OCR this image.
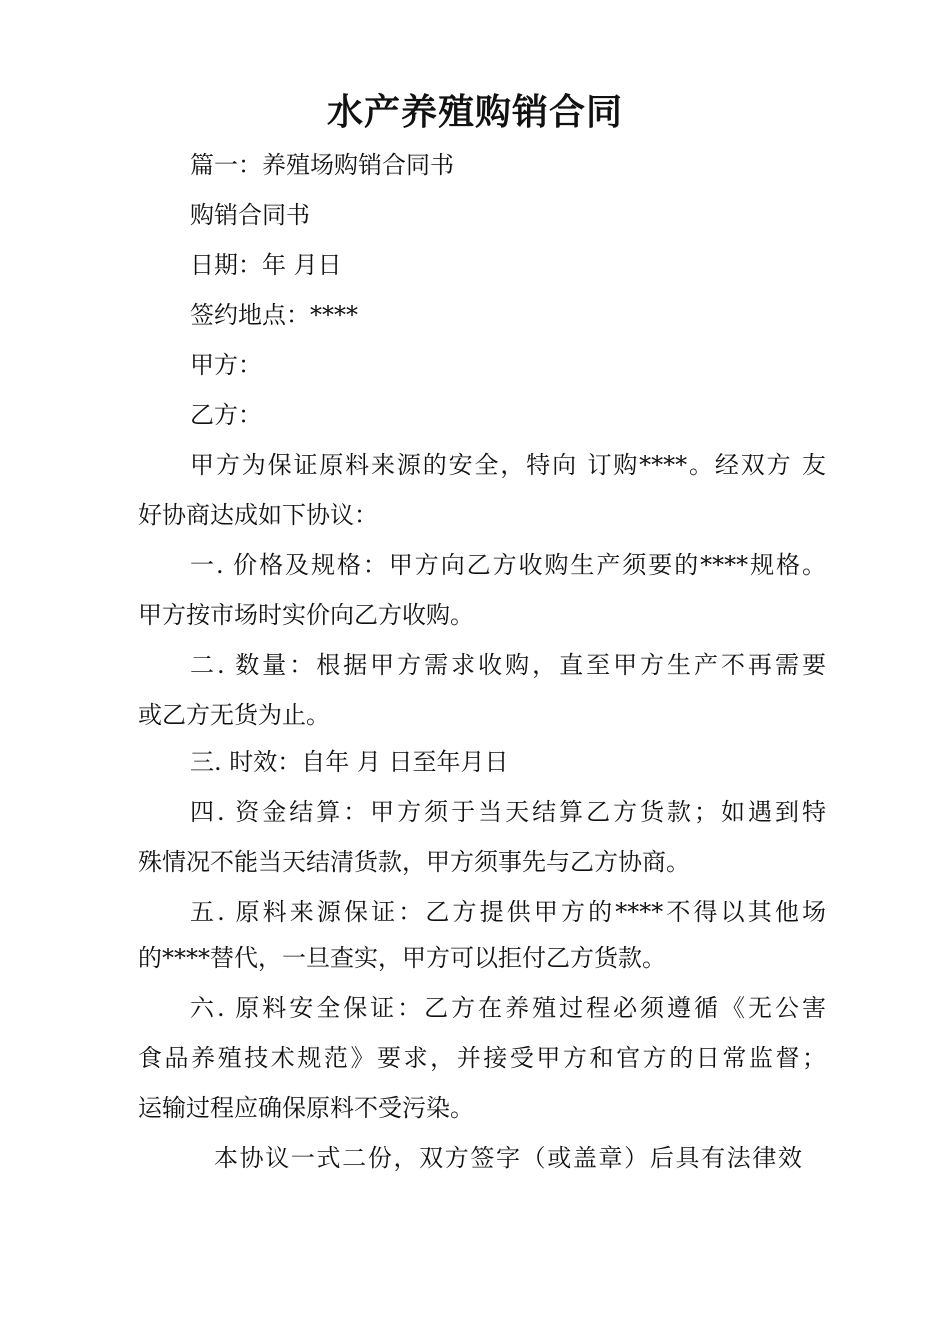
水产养殖购销合同
篇一：养殖场购销合同书
购销合同书
日期：年 月日
签约地点：****
甲方：
乙方：
甲方为保证原料来源的安全，特向 订购****。经双方 友
好协商达成如下协议：
一. 价格及规格：甲方向乙方收购生产须要的****规格。
甲方按市场时实价向乙方收购。
二. 数量：根据甲方需求收购，直至甲方生产不再需要
或乙方无货为止。
三. 时效：自年 月 日至年月日
四. 资金结算：甲方须于当天结算乙方货款；如遇到特
殊情况不能当天结清货款，甲方须事先与乙方协商。
五. 原料来源保证：乙方提供甲方的****不得以其他场
的****替代，一旦查实，甲方可以拒付乙方货款。
六. 原料安全保证：乙方在养殖过程必须遵循《无公害
食品养殖技术规范》要求，并接受甲方和官方的日常监督；
运输过程应确保原料不受污染。
本协议一式二份，双方签字（或盖章）后具有法律效
